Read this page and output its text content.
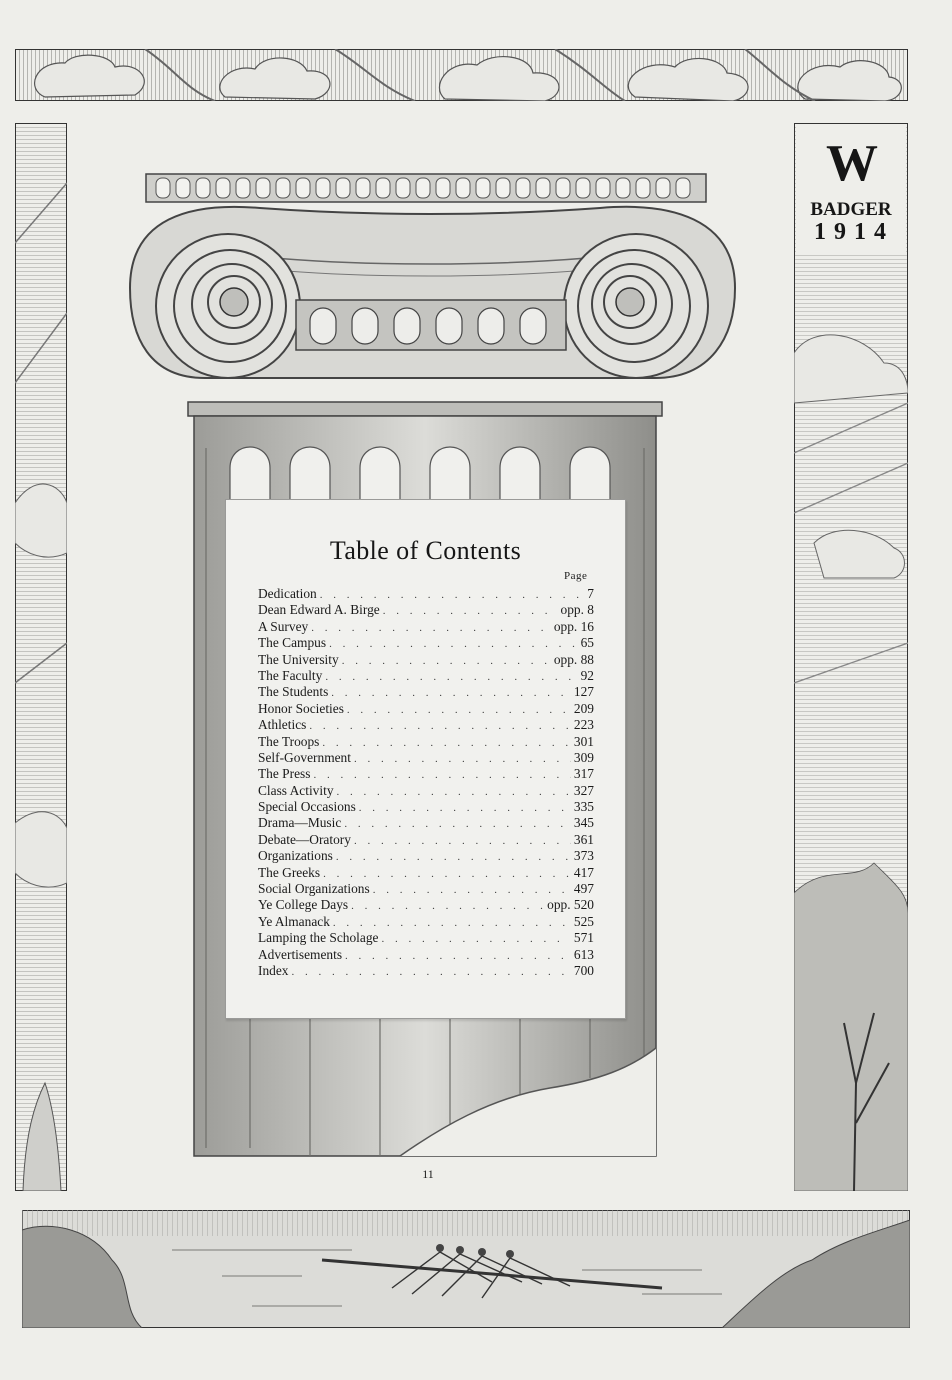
W
BADGER
1914
Table of Contents
Page
Dedication . . .	7
Dean Edward A. Birge . . .	opp. 8
A Survey . . .	opp. 16
The Campus . . .	65
The University . . .	opp. 88
The Faculty . . .	92
The Students . . .	127
Honor Societies . . .	209
Athletics . . .	223
The Troops . . .	301
Self-Government . . .	309
The Press . . .	317
Class Activity . . .	327
Special Occasions . . .	335
Drama—Music . . .	345
Debate—Oratory . . .	361
Organizations . . .	373
The Greeks . . .	417
Social Organizations . . .	497
Ye College Days . . .	opp. 520
Ye Almanack . . .	525
Lamping the Scholage . . .	571
Advertisements . . .	613
Index . . .	700
11
